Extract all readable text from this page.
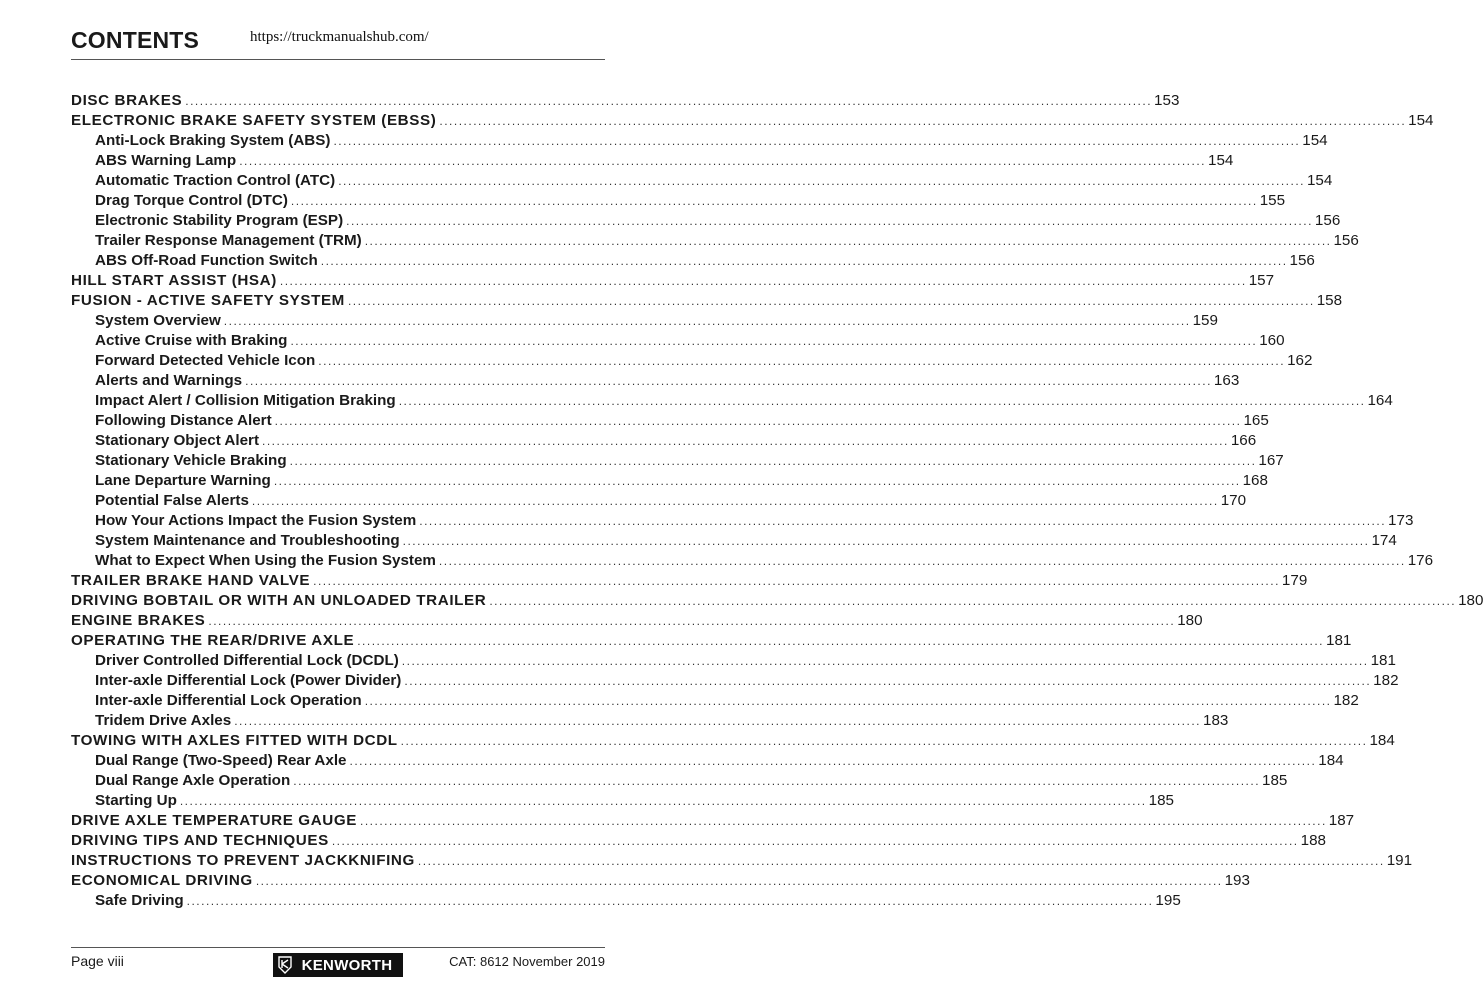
CONTENTS	https://truckmanualshub.com/
DISC BRAKES ........................................................................................................................................................................................................ 153
ELECTRONIC BRAKE SAFETY SYSTEM (EBSS) ........................................................................................................................................................................................................ 154
Anti-Lock Braking System (ABS) ........................................................................................................................................................................................................ 154
ABS Warning Lamp ........................................................................................................................................................................................................ 154
Automatic Traction Control (ATC) ........................................................................................................................................................................................................ 154
Drag Torque Control (DTC) ........................................................................................................................................................................................................ 155
Electronic Stability Program (ESP) ........................................................................................................................................................................................................ 156
Trailer Response Management (TRM) ........................................................................................................................................................................................................ 156
ABS Off-Road Function Switch ........................................................................................................................................................................................................ 156
HILL START ASSIST (HSA) ........................................................................................................................................................................................................ 157
FUSION - ACTIVE SAFETY SYSTEM ........................................................................................................................................................................................................ 158
System Overview ........................................................................................................................................................................................................ 159
Active Cruise with Braking ........................................................................................................................................................................................................ 160
Forward Detected Vehicle Icon ........................................................................................................................................................................................................ 162
Alerts and Warnings ........................................................................................................................................................................................................ 163
Impact Alert / Collision Mitigation Braking ........................................................................................................................................................................................................ 164
Following Distance Alert ........................................................................................................................................................................................................ 165
Stationary Object Alert ........................................................................................................................................................................................................ 166
Stationary Vehicle Braking ........................................................................................................................................................................................................ 167
Lane Departure Warning ........................................................................................................................................................................................................ 168
Potential False Alerts ........................................................................................................................................................................................................ 170
How Your Actions Impact the Fusion System ........................................................................................................................................................................................................ 173
System Maintenance and Troubleshooting ........................................................................................................................................................................................................ 174
What to Expect When Using the Fusion System ........................................................................................................................................................................................................ 176
TRAILER BRAKE HAND VALVE ........................................................................................................................................................................................................ 179
DRIVING BOBTAIL OR WITH AN UNLOADED TRAILER ........................................................................................................................................................................................................ 180
ENGINE BRAKES ........................................................................................................................................................................................................ 180
OPERATING THE REAR/DRIVE AXLE ........................................................................................................................................................................................................ 181
Driver Controlled Differential Lock (DCDL) ........................................................................................................................................................................................................ 181
Inter-axle Differential Lock (Power Divider) ........................................................................................................................................................................................................ 182
Inter-axle Differential Lock Operation ........................................................................................................................................................................................................ 182
Tridem Drive Axles ........................................................................................................................................................................................................ 183
TOWING WITH AXLES FITTED WITH DCDL ........................................................................................................................................................................................................ 184
Dual Range (Two-Speed) Rear Axle ........................................................................................................................................................................................................ 184
Dual Range Axle Operation ........................................................................................................................................................................................................ 185
Starting Up ........................................................................................................................................................................................................ 185
DRIVE AXLE TEMPERATURE GAUGE ........................................................................................................................................................................................................ 187
DRIVING TIPS AND TECHNIQUES ........................................................................................................................................................................................................ 188
INSTRUCTIONS TO PREVENT JACKKNIFING ........................................................................................................................................................................................................ 191
ECONOMICAL DRIVING ........................................................................................................................................................................................................ 193
Safe Driving ........................................................................................................................................................................................................ 195
Page viii	KENWORTH	CAT: 8612 November 2019
